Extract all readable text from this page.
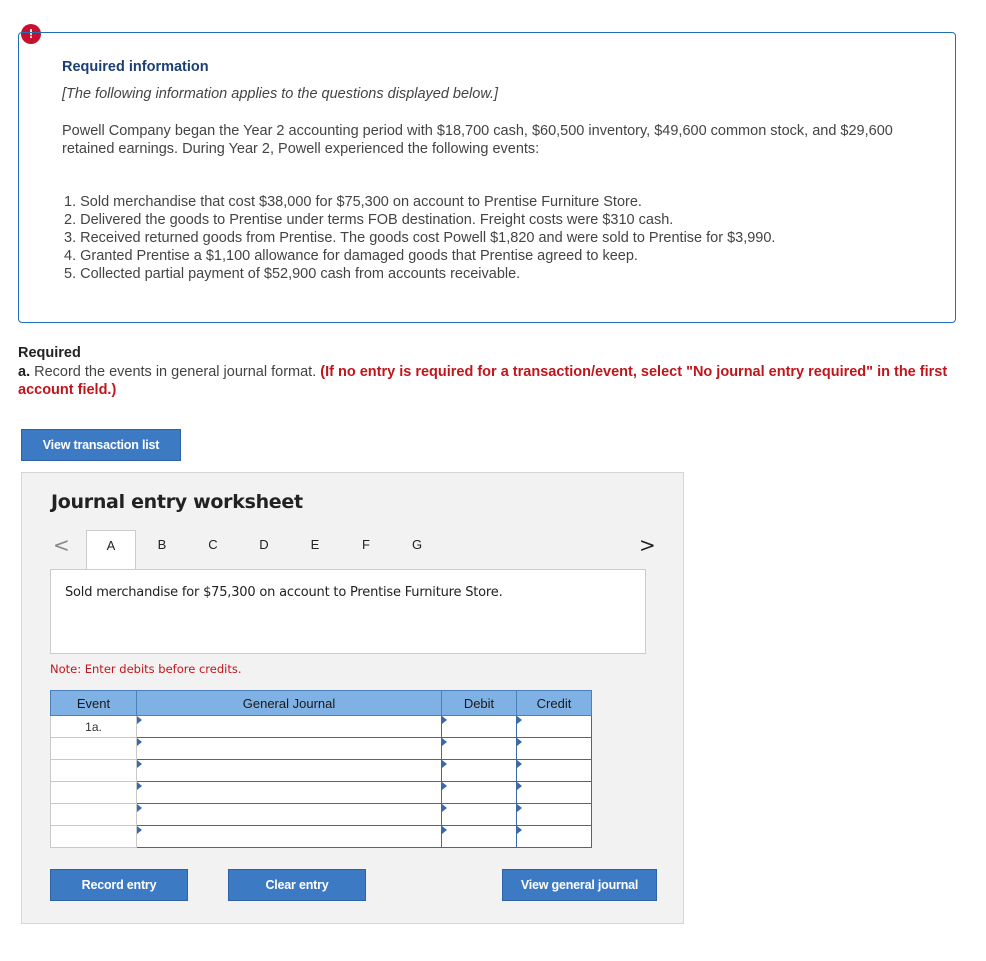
!
Required information
[The following information applies to the questions displayed below.]
Powell Company began the Year 2 accounting period with $18,700 cash, $60,500 inventory, $49,600 common stock, and $29,600 retained earnings. During Year 2, Powell experienced the following events:
1. Sold merchandise that cost $38,000 for $75,300 on account to Prentise Furniture Store.
2. Delivered the goods to Prentise under terms FOB destination. Freight costs were $310 cash.
3. Received returned goods from Prentise. The goods cost Powell $1,820 and were sold to Prentise for $3,990.
4. Granted Prentise a $1,100 allowance for damaged goods that Prentise agreed to keep.
5. Collected partial payment of $52,900 cash from accounts receivable.
Required
a. Record the events in general journal format. (If no entry is required for a transaction/event, select "No journal entry required" in the first account field.)
View transaction list
Journal entry worksheet
<	A	B	C	D	E	F	G	>
Sold merchandise for $75,300 on account to Prentise Furniture Store.
Note: Enter debits before credits.
Event	General Journal	Debit	Credit
1a.			

Record entry	Clear entry	View general journal
